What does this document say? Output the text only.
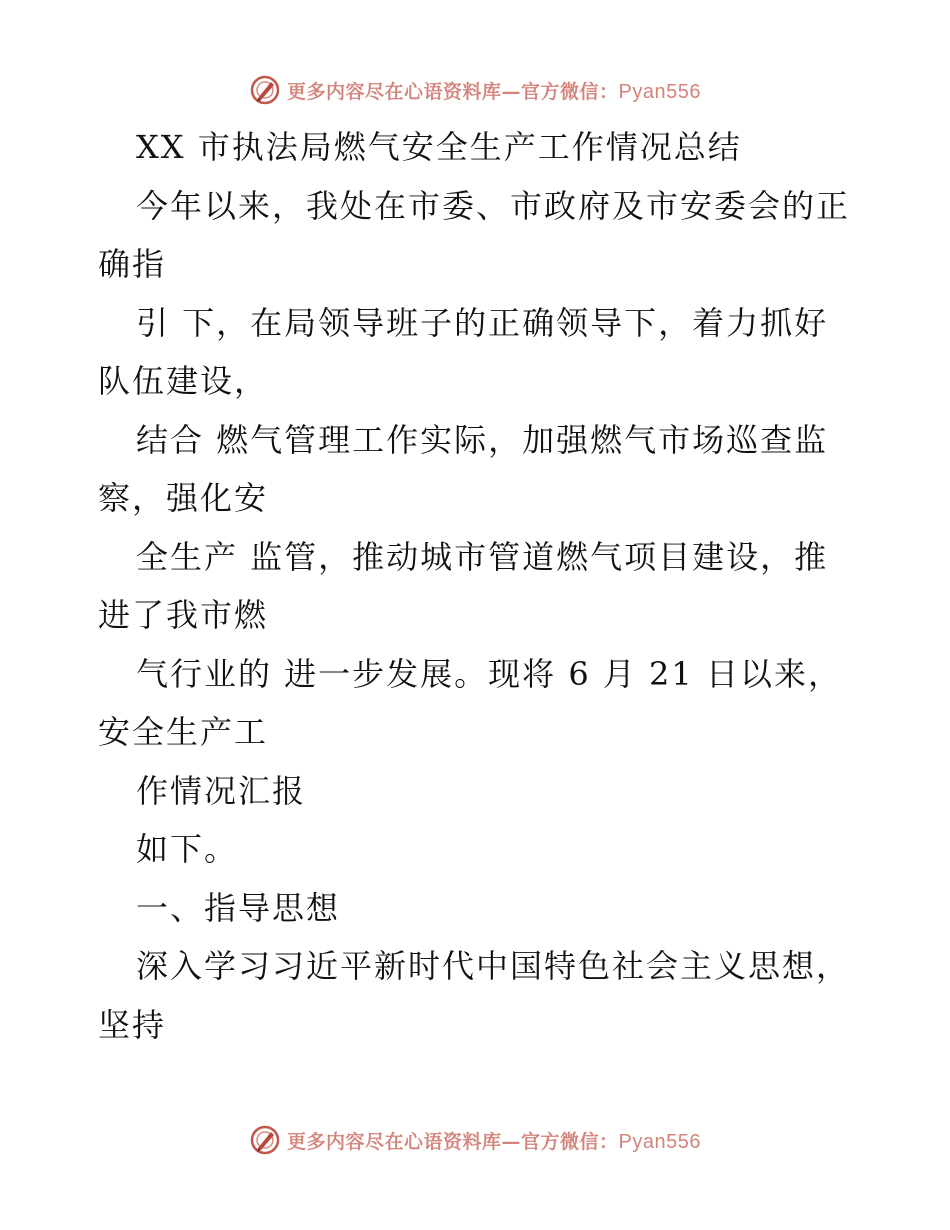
更多内容尽在心语资料库—官方微信：Pyan556
XX 市执法局燃气安全生产工作情况总结
今年以来，我处在市委、市政府及市安委会的正
确指
引 下，在局领导班子的正确领导下，着力抓好
队伍建设，
结合 燃气管理工作实际，加强燃气市场巡查监
察，强化安
全生产 监管，推动城市管道燃气项目建设，推
进了我市燃
气行业的 进一步发展。现将 6 月 21 日以来，
安全生产工
作情况汇报
如下。
一、指导思想
深入学习习近平新时代中国特色社会主义思想，
坚持
更多内容尽在心语资料库—官方微信：Pyan556
